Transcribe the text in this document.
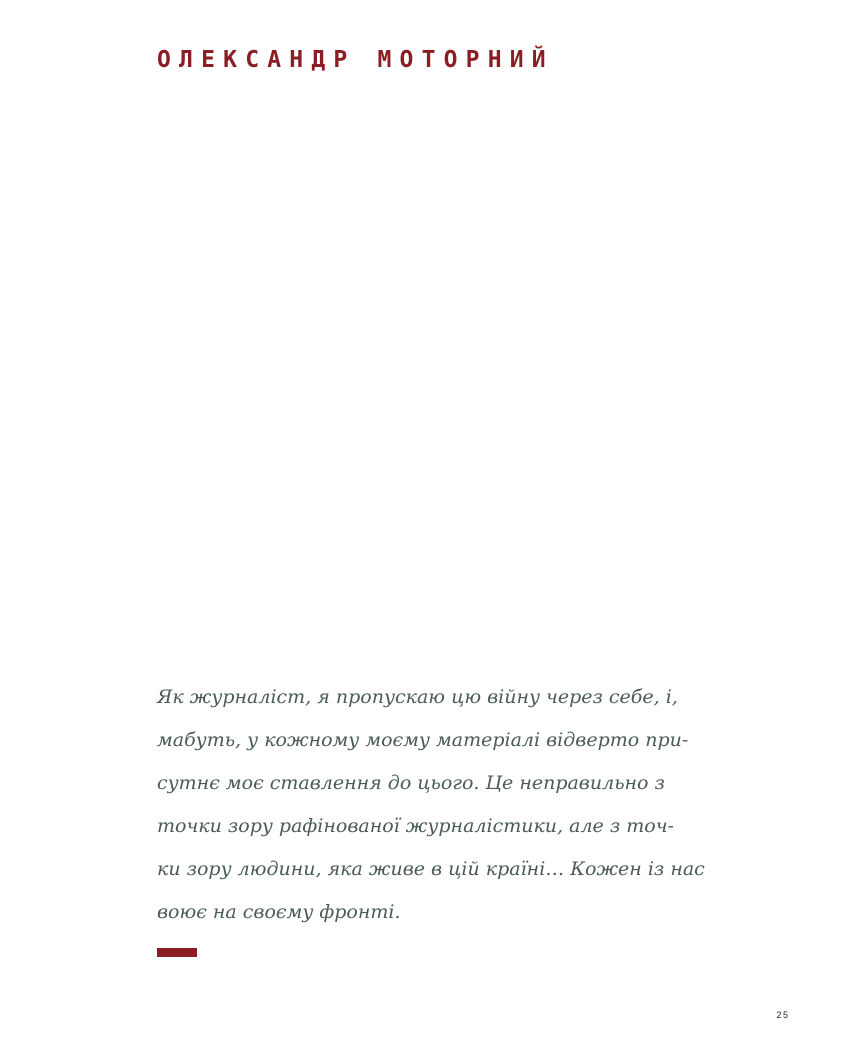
ОЛЕКСАНДР МОТОРНИЙ
Як журналіст, я пропускаю цю війну через себе, і,
мабуть, у кожному моєму матеріалі відверто при-
сутнє моє ставлення до цього. Це неправильно з
точки зору рафінованої журналістики, але з точ-
ки зору людини, яка живе в цій країні… Кожен із нас
воює на своєму фронті.
25
